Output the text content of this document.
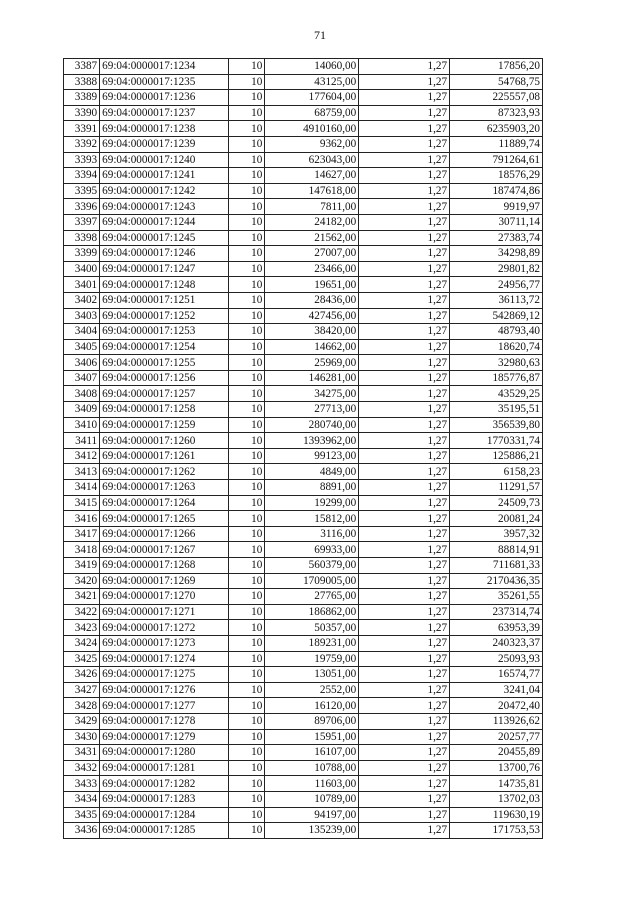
71
3387	69:04:0000017:1234	10	14060,00	1,27	17856,20
3388	69:04:0000017:1235	10	43125,00	1,27	54768,75
3389	69:04:0000017:1236	10	177604,00	1,27	225557,08
3390	69:04:0000017:1237	10	68759,00	1,27	87323,93
3391	69:04:0000017:1238	10	4910160,00	1,27	6235903,20
3392	69:04:0000017:1239	10	9362,00	1,27	11889,74
3393	69:04:0000017:1240	10	623043,00	1,27	791264,61
3394	69:04:0000017:1241	10	14627,00	1,27	18576,29
3395	69:04:0000017:1242	10	147618,00	1,27	187474,86
3396	69:04:0000017:1243	10	7811,00	1,27	9919,97
3397	69:04:0000017:1244	10	24182,00	1,27	30711,14
3398	69:04:0000017:1245	10	21562,00	1,27	27383,74
3399	69:04:0000017:1246	10	27007,00	1,27	34298,89
3400	69:04:0000017:1247	10	23466,00	1,27	29801,82
3401	69:04:0000017:1248	10	19651,00	1,27	24956,77
3402	69:04:0000017:1251	10	28436,00	1,27	36113,72
3403	69:04:0000017:1252	10	427456,00	1,27	542869,12
3404	69:04:0000017:1253	10	38420,00	1,27	48793,40
3405	69:04:0000017:1254	10	14662,00	1,27	18620,74
3406	69:04:0000017:1255	10	25969,00	1,27	32980,63
3407	69:04:0000017:1256	10	146281,00	1,27	185776,87
3408	69:04:0000017:1257	10	34275,00	1,27	43529,25
3409	69:04:0000017:1258	10	27713,00	1,27	35195,51
3410	69:04:0000017:1259	10	280740,00	1,27	356539,80
3411	69:04:0000017:1260	10	1393962,00	1,27	1770331,74
3412	69:04:0000017:1261	10	99123,00	1,27	125886,21
3413	69:04:0000017:1262	10	4849,00	1,27	6158,23
3414	69:04:0000017:1263	10	8891,00	1,27	11291,57
3415	69:04:0000017:1264	10	19299,00	1,27	24509,73
3416	69:04:0000017:1265	10	15812,00	1,27	20081,24
3417	69:04:0000017:1266	10	3116,00	1,27	3957,32
3418	69:04:0000017:1267	10	69933,00	1,27	88814,91
3419	69:04:0000017:1268	10	560379,00	1,27	711681,33
3420	69:04:0000017:1269	10	1709005,00	1,27	2170436,35
3421	69:04:0000017:1270	10	27765,00	1,27	35261,55
3422	69:04:0000017:1271	10	186862,00	1,27	237314,74
3423	69:04:0000017:1272	10	50357,00	1,27	63953,39
3424	69:04:0000017:1273	10	189231,00	1,27	240323,37
3425	69:04:0000017:1274	10	19759,00	1,27	25093,93
3426	69:04:0000017:1275	10	13051,00	1,27	16574,77
3427	69:04:0000017:1276	10	2552,00	1,27	3241,04
3428	69:04:0000017:1277	10	16120,00	1,27	20472,40
3429	69:04:0000017:1278	10	89706,00	1,27	113926,62
3430	69:04:0000017:1279	10	15951,00	1,27	20257,77
3431	69:04:0000017:1280	10	16107,00	1,27	20455,89
3432	69:04:0000017:1281	10	10788,00	1,27	13700,76
3433	69:04:0000017:1282	10	11603,00	1,27	14735,81
3434	69:04:0000017:1283	10	10789,00	1,27	13702,03
3435	69:04:0000017:1284	10	94197,00	1,27	119630,19
3436	69:04:0000017:1285	10	135239,00	1,27	171753,53
